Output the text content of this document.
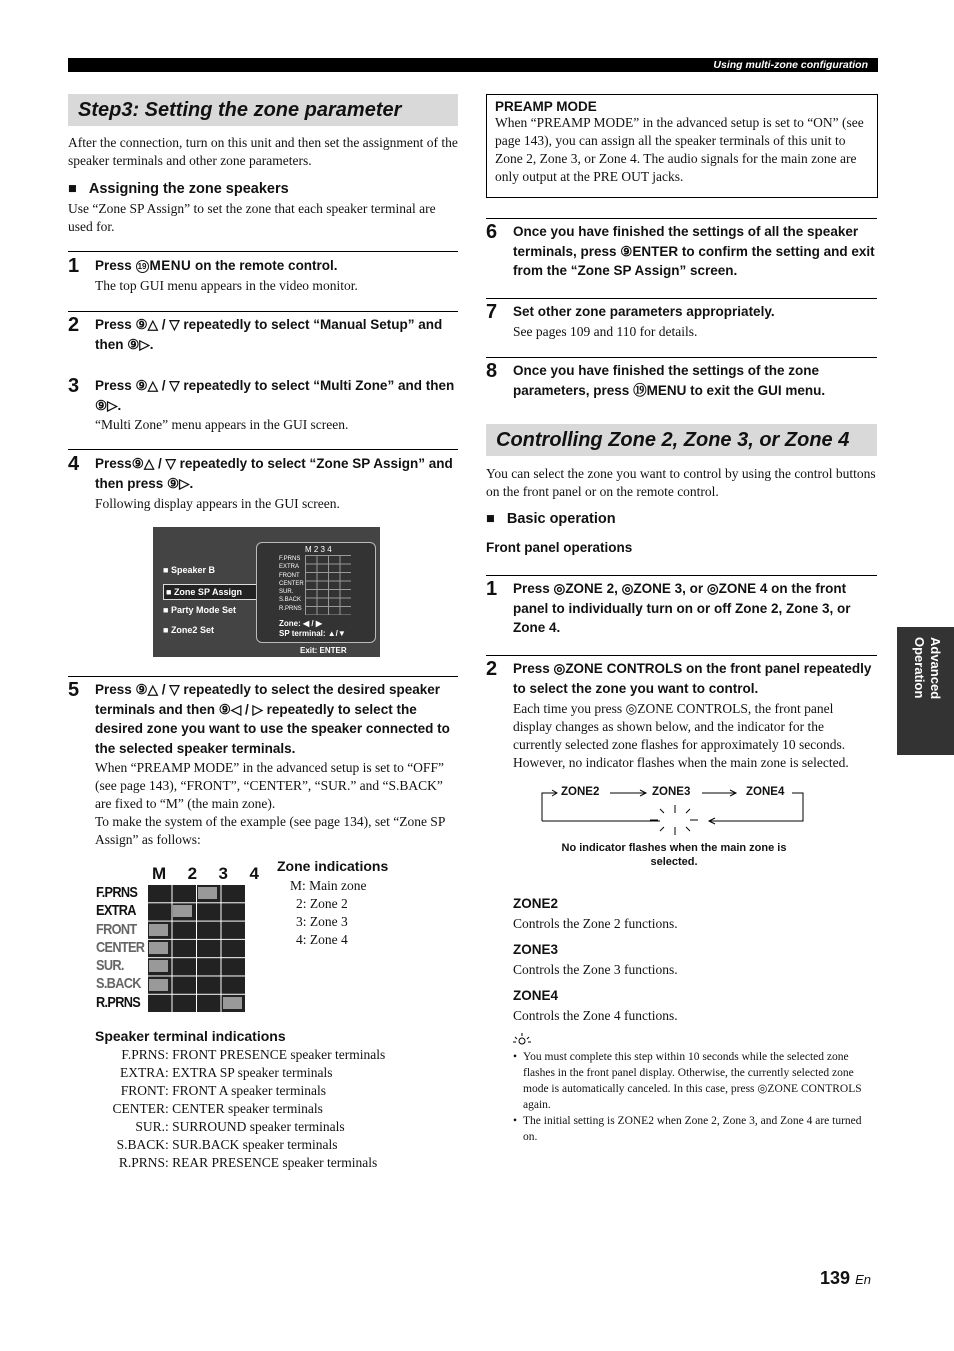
Using multi-zone configuration
Step3: Setting the zone parameter
After the connection, turn on this unit and then set the assignment of the speaker terminals and other zone parameters.
■   Assigning the zone speakers
Use “Zone SP Assign” to set the zone that each speaker terminal are used for.
1 Press 19 MENU on the remote control.
The top GUI menu appears in the video monitor.
2 Press ⑨△ / ▽ repeatedly to select “Manual Setup” and then ⑨▷.
3 Press ⑨△ / ▽ repeatedly to select “Multi Zone” and then ⑨▷.
“Multi Zone” menu appears in the GUI screen.
4 Press⑨△ / ▽ repeatedly to select “Zone SP Assign” and then press ⑨▷.
Following display appears in the GUI screen.
■ Speaker B
■ Zone SP Assign
■ Party Mode Set
■ Zone2 Set
M 2 3 4
F.PRNS
EXTRA
FRONT
CENTER
SUR.
S.BACK
R.PRNS
Zone: ◀ / ▶
SP terminal: ▲/▼
Exit: ENTER
5 Press ⑨△ / ▽ repeatedly to select the desired speaker terminals and then ⑨◁ / ▷ repeatedly to select the desired zone you want to use the speaker connected to the selected speaker terminals.
When “PREAMP MODE” in the advanced setup is set to “OFF” (see page 143), “FRONT”, “CENTER”, “SUR.” and “S.BACK” are fixed to “M” (the main zone).
To make the system of the example (see page 134), set “Zone SP Assign” as follows:
M 2 3 4
F.PRNS
EXTRA
FRONT
CENTER
SUR.
S.BACK
R.PRNS
Zone indications
M: Main zone
2: Zone 2
3: Zone 3
4: Zone 4
Speaker terminal indications
F.PRNS: FRONT PRESENCE speaker terminals
EXTRA: EXTRA SP speaker terminals
FRONT: FRONT A speaker terminals
CENTER: CENTER speaker terminals
SUR.: SURROUND speaker terminals
S.BACK: SUR.BACK speaker terminals
R.PRNS: REAR PRESENCE speaker terminals
PREAMP MODE
When “PREAMP MODE” in the advanced setup is set to “ON” (see page 143), you can assign all the speaker terminals of this unit to Zone 2, Zone 3, or Zone 4. The audio signals for the main zone are only output at the PRE OUT jacks.
6 Once you have finished the settings of all the speaker terminals, press ⑨ENTER to confirm the setting and exit from the “Zone SP Assign” screen.
7 Set other zone parameters appropriately.
See pages 109 and 110 for details.
8 Once you have finished the settings of the zone parameters, press ⑲MENU to exit the GUI menu.
Controlling Zone 2, Zone 3, or Zone 4
You can select the zone you want to control by using the control buttons on the front panel or on the remote control.
■   Basic operation
Front panel operations
1 Press ◎ZONE 2, ◎ZONE 3, or ◎ZONE 4 on the front panel to individually turn on or off Zone 2, Zone 3, or Zone 4.
2 Press ◎ZONE CONTROLS on the front panel repeatedly to select the zone you want to control.
Each time you press ◎ZONE CONTROLS, the front panel display changes as shown below, and the indicator for the currently selected zone flashes for approximately 10 seconds. However, no indicator flashes when the main zone is selected.
ZONE2	ZONE3	ZONE4
No indicator flashes when the main zone is selected.
ZONE2
Controls the Zone 2 functions.
ZONE3
Controls the Zone 3 functions.
ZONE4
Controls the Zone 4 functions.
• You must complete this step within 10 seconds while the selected zone flashes in the front panel display. Otherwise, the currently selected zone mode is automatically canceled. In this case, press ◎ZONE CONTROLS again.
• The initial setting is ZONE2 when Zone 2, Zone 3, and Zone 4 are turned on.
Advanced Operation
139 En
